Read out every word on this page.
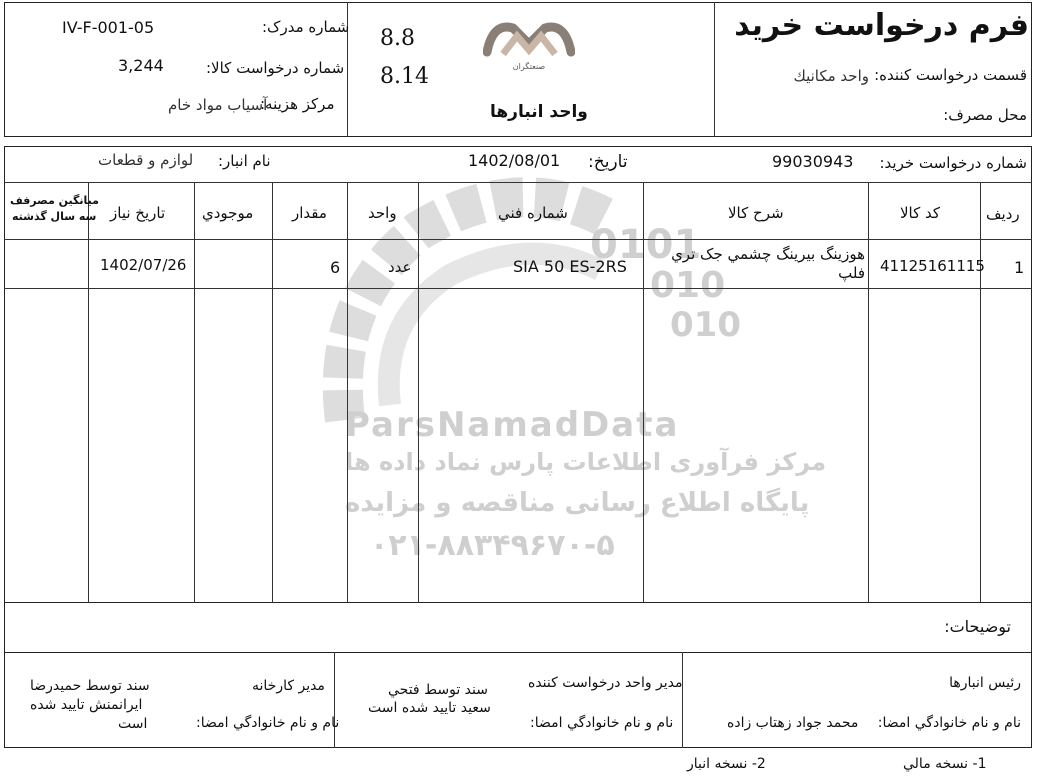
0101
010
010
ParsNamadData
مرکز فرآوری اطلاعات پارس نماد داده ها
پایگاه اطلاع رسانی مناقصه و مزایده
۰۲۱-۸۸۳۴۹۶۷۰-۵
فرم درخواست خريد
قسمت درخواست کننده:
واحد مکانيك
محل مصرف:
صنعتگران
واحد انبارها
8.8
8.14
شماره مدرک:
IV-F-001-05
شماره درخواست کالا:
3,244
مرکز هزينه:
آسياب مواد خام
شماره درخواست خريد:
99030943
تاريخ:
1402/08/01
نام انبار:
لوازم و قطعات
رديف
کد کالا
شرح کالا
شماره فني
واحد
مقدار
موجودي
تاريخ نياز
ميانگين مصرفف
سه سال گذشته
1
41125161115
هوزينگ بيرينگ چشمي جک تري
فلپ
SIA 50 ES-2RS
عدد
6
1402/07/26
توضيحات:
رئيس انبارها
نام و نام خانوادگي امضا:
محمد جواد زهتاب زاده
مدير واحد درخواست کننده
نام و نام خانوادگي امضا:
سند توسط فتحي
سعيد تاييد شده است
مدير کارخانه
نام و نام خانوادگي امضا:
سند توسط حميدرضا
ايرانمنش تاييد شده
است
1- نسخه مالي
2- نسخه انبار
